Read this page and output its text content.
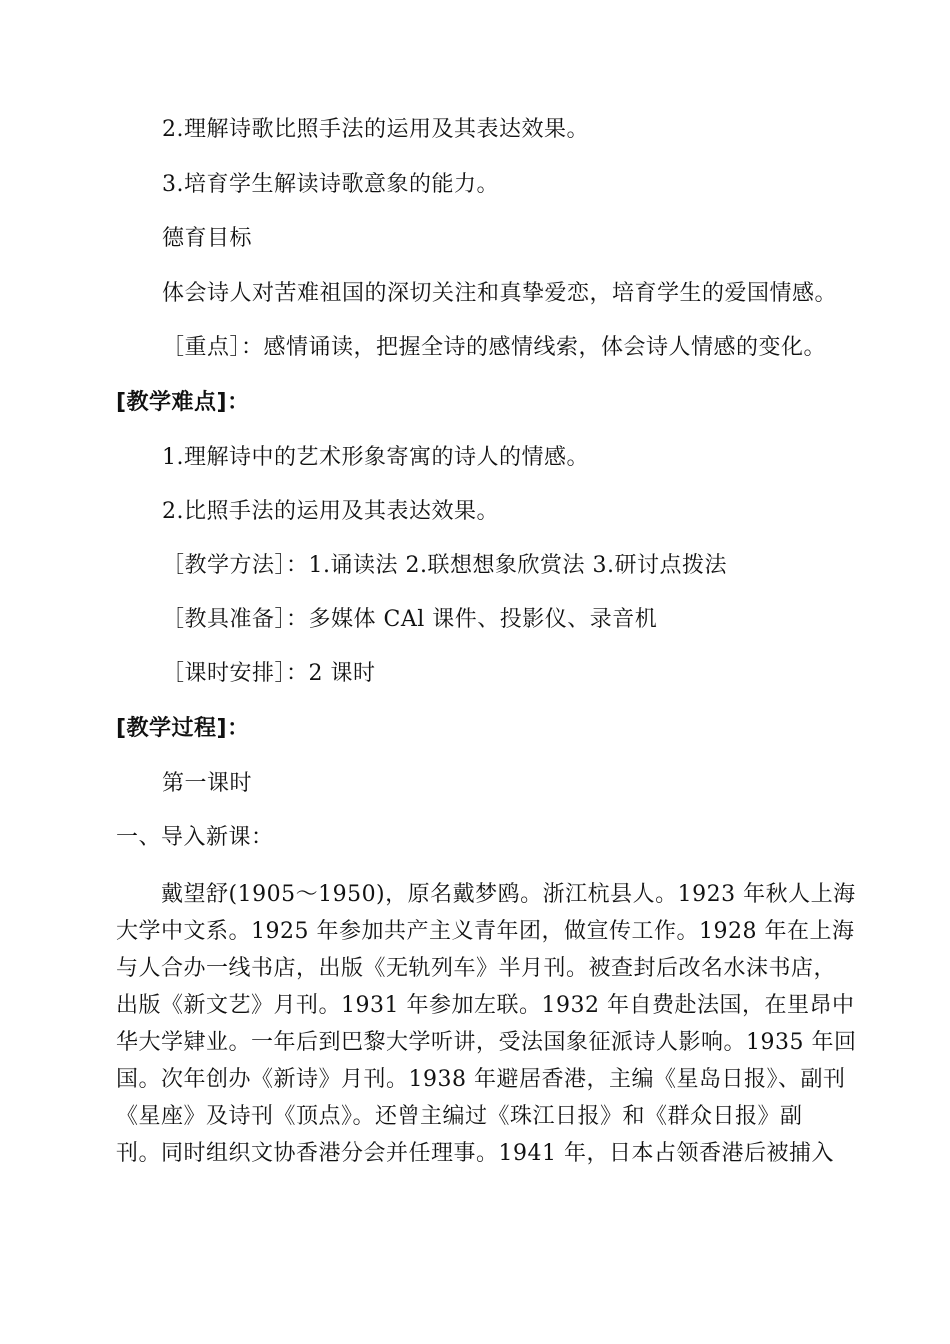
2.理解诗歌比照手法的运用及其表达效果。

3.培育学生解读诗歌意象的能力。

德育目标

体会诗人对苦难祖国的深切关注和真挚爱恋，培育学生的爱国情感。

［重点］：感情诵读，把握全诗的感情线索，体会诗人情感的变化。

[教学难点]：

1.理解诗中的艺术形象寄寓的诗人的情感。

2.比照手法的运用及其表达效果。

［教学方法］：1.诵读法 2.联想想象欣赏法 3.研讨点拨法

［教具准备］：多媒体 CAl 课件、投影仪、录音机

［课时安排］：2 课时

[教学过程]：

第一课时

一、导入新课：

　　戴望舒(1905～1950)，原名戴梦鸥。浙江杭县人。1923 年秋人上海

大学中文系。1925 年参加共产主义青年团，做宣传工作。1928 年在上海

与人合办一线书店，出版《无轨列车》半月刊。被查封后改名水沫书店，

出版《新文艺》月刊。1931 年参加左联。1932 年自费赴法国，在里昂中

华大学肄业。一年后到巴黎大学听讲，受法国象征派诗人影响。1935 年回

国。次年创办《新诗》月刊。1938 年避居香港，主编《星岛日报》、副刊

《星座》及诗刊《顶点》。还曾主编过《珠江日报》和《群众日报》副

刊。同时组织文协香港分会并任理事。1941 年，日本占领香港后被捕入
